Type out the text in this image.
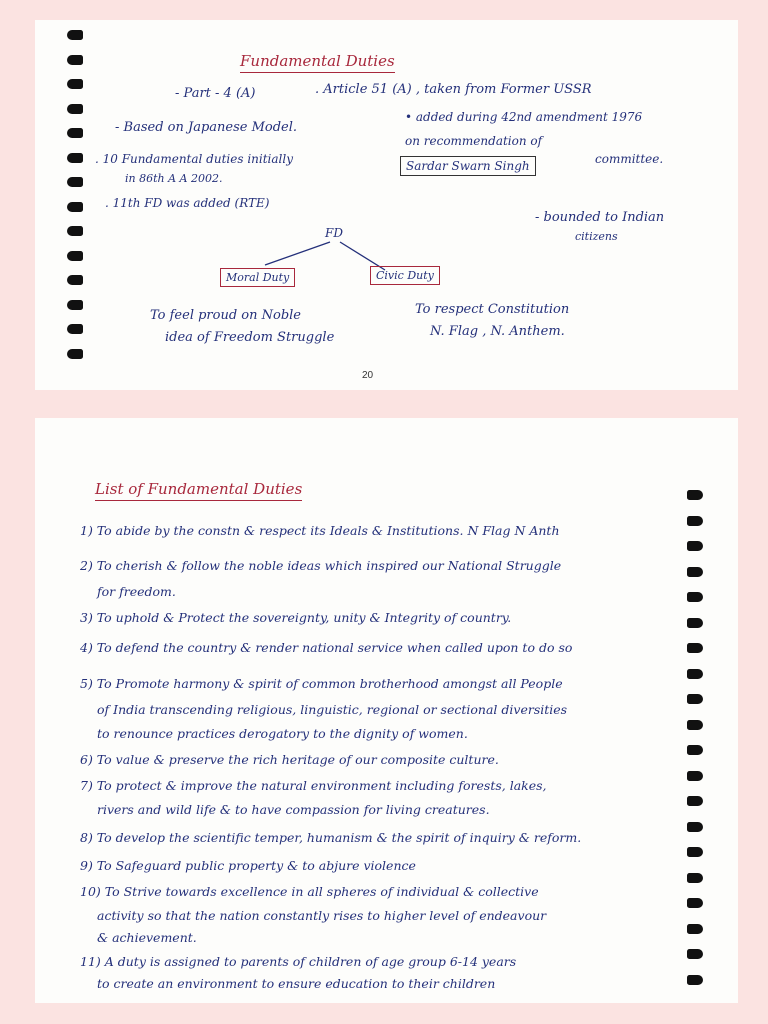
Fundamental Duties
- Part - 4 (A)	. Article 51 (A) , taken from Former USSR
- Based on Japanese Model.
• added during 42nd amendment 1976
on recommendation of
Sardar Swarn Singh	committee.
. 10 Fundamental duties initially
in 86th A A 2002.
. 11th FD was added (RTE)
- bounded to Indian
citizens
FD
Moral Duty	Civic Duty
To feel proud on Noble
idea of Freedom Struggle
To respect Constitution
N. Flag , N. Anthem.
20
List of Fundamental Duties
1) To abide by the constn & respect its Ideals & Institutions. N Flag N Anth
2) To cherish & follow the noble ideas which inspired our National Struggle
for freedom.
3) To uphold & Protect the sovereignty, unity & Integrity of country.
4) To defend the country & render national service when called upon to do so
5) To Promote harmony & spirit of common brotherhood amongst all People
of India transcending religious, linguistic, regional or sectional diversities
to renounce practices derogatory to the dignity of women.
6) To value & preserve the rich heritage of our composite culture.
7) To protect & improve the natural environment including forests, lakes,
rivers and wild life & to have compassion for living creatures.
8) To develop the scientific temper, humanism & the spirit of inquiry & reform.
9) To Safeguard public property & to abjure violence
10) To Strive towards excellence in all spheres of individual & collective
activity so that the nation constantly rises to higher level of endeavour
& achievement.
11) A duty is assigned to parents of children of age group 6-14 years
to create an environment to ensure education to their children
